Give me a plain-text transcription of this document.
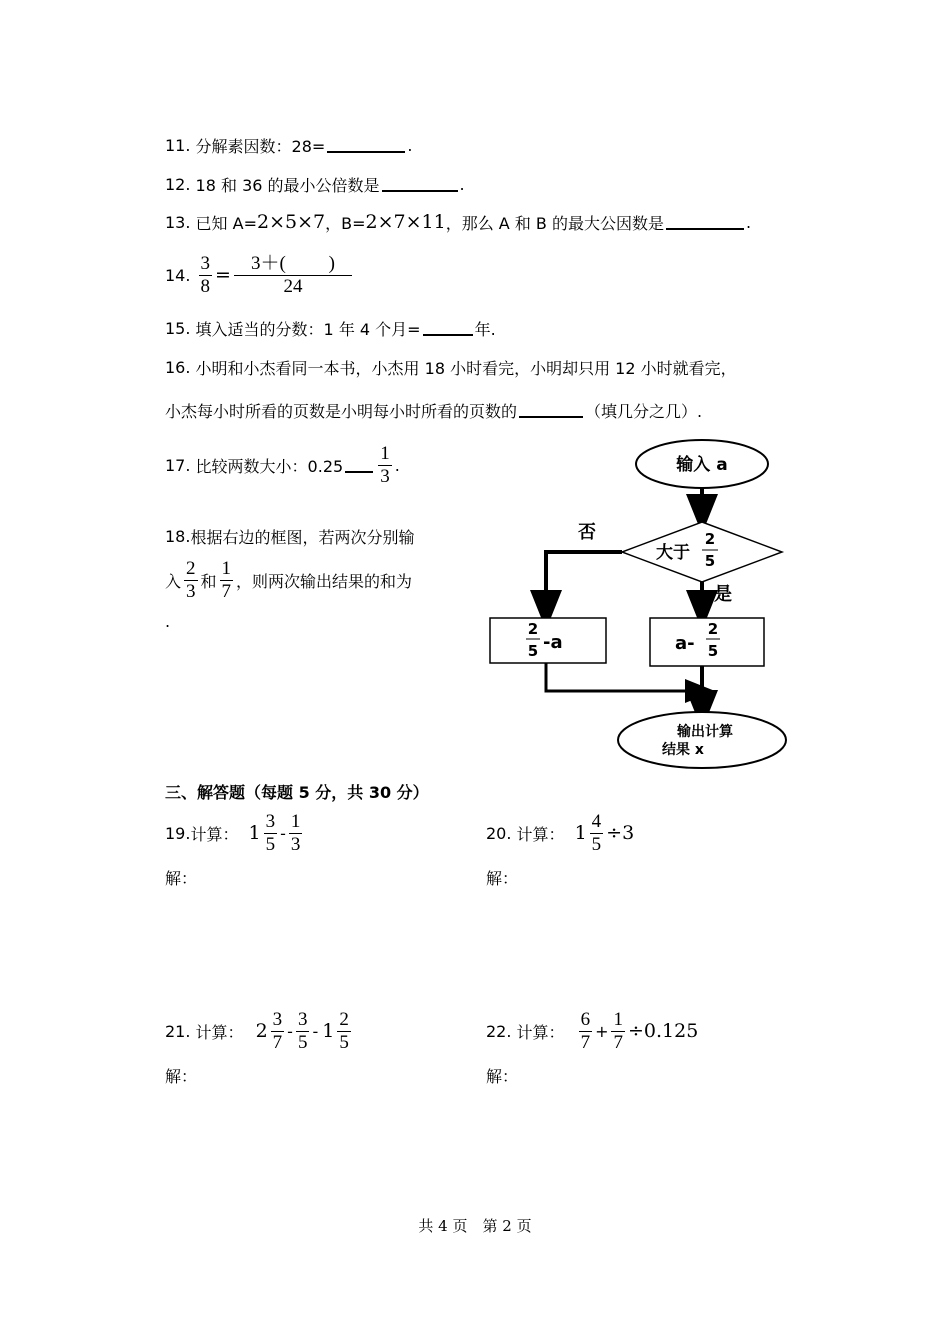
11.
分解素因数：28=	.
12.
18 和 36 的最小公倍数是	.
13.
已知 A= 2×5×7 ，B= 2×7×11 ，那么 A 和 B 的最大公因数是	.
14.
$\frac{3}{8} = \frac{3+( )}{24}$
15.
填入适当的分数：1 年 4 个月=	年.
16.
小明和小杰看同一本书，小杰用 18 小时看完，小明却只用 12 小时就看完，
小杰每小时所看的页数是小明每小时所看的页数的	（填几分之几）.
17.
比较两数大小：$0.25 \frac{1}{3}$ .
18. 根据右边的框图，若两次分别输
入 $\frac{2}{3}$ 和 $\frac{1}{7}$ ，则两次输出结果的和为
.
输入 a
大于
2
5
否
是
2
5 -a	a-
2
5
输出计算
结果 x
三、解答题（每题 5 分，共 30 分）
19. 计算： $1 \frac{3}{5} - \frac{1}{3}$
解：
20.
计算： $1 \frac{4}{5} \div 3$
解：
21.
计算： $2 \frac{3}{7} - \frac{3}{5} - 1 \frac{2}{5}$
解：
22.
计算： $\frac{6}{7} + \frac{1}{7} \div 0.125$
解：
共 4 页　第 2 页
